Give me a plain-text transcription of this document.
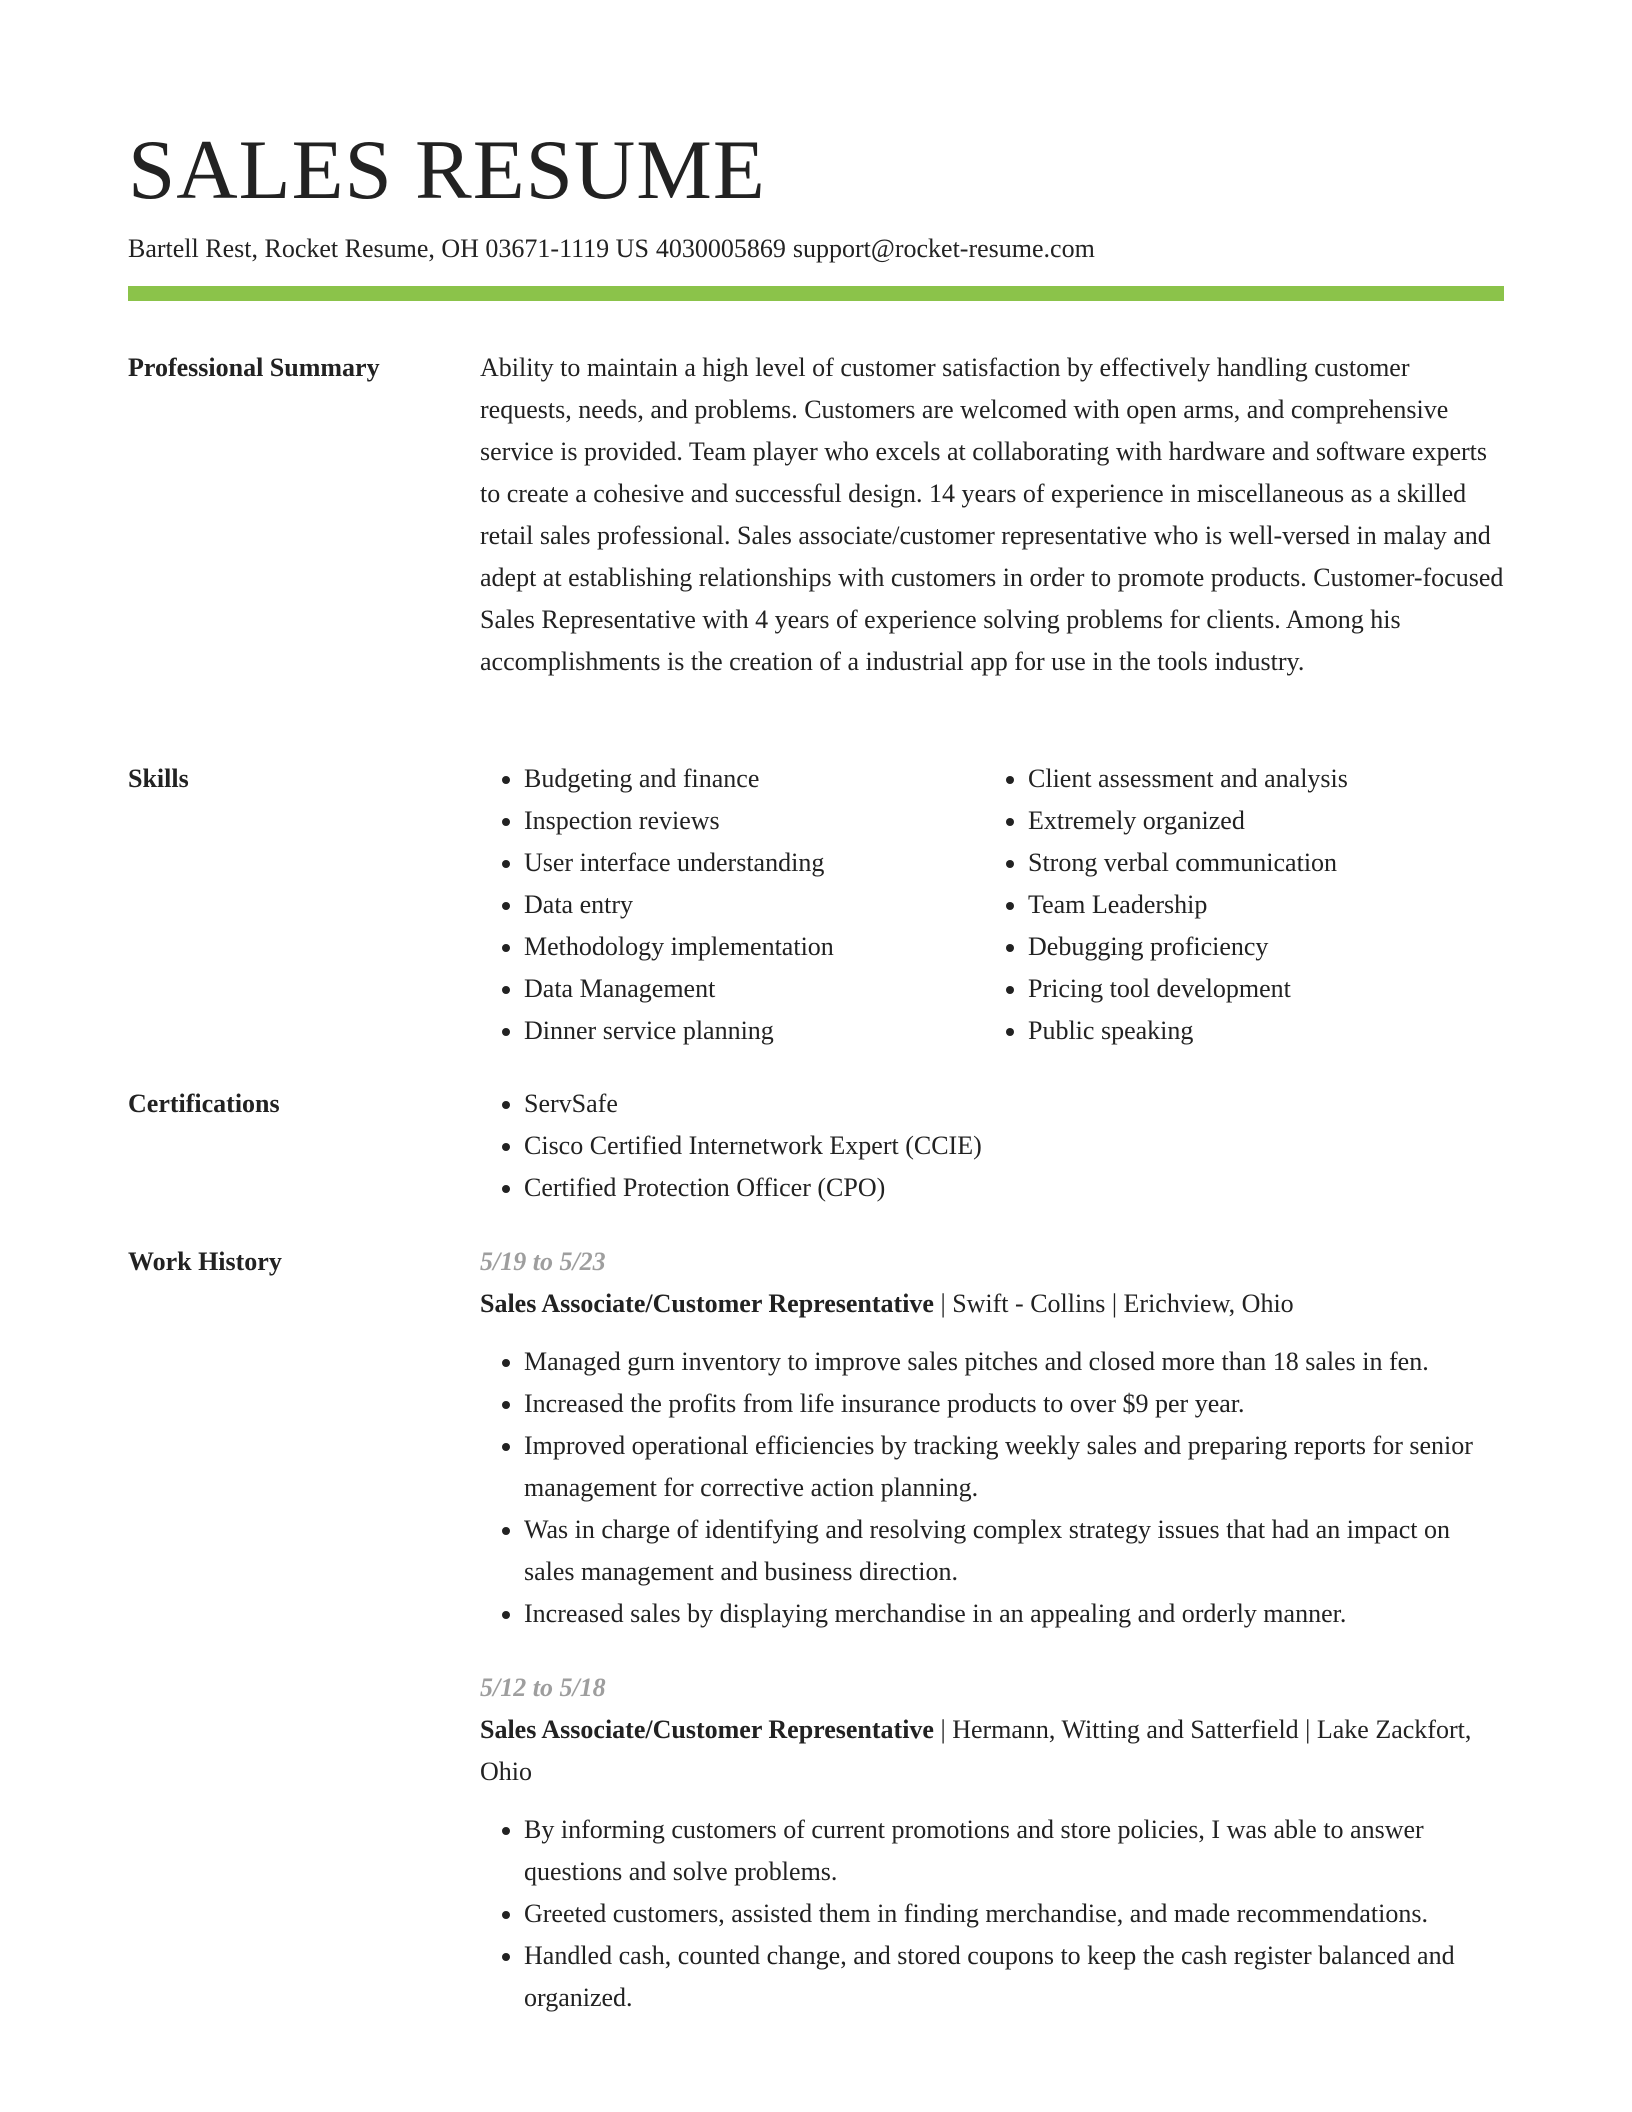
SALES RESUME
Bartell Rest, Rocket Resume, OH 03671-1119 US 4030005869 support@rocket-resume.com
Professional Summary	Ability to maintain a high level of customer satisfaction by effectively handling customer requests, needs, and problems. Customers are welcomed with open arms, and comprehensive service is provided. Team player who excels at collaborating with hardware and software experts to create a cohesive and successful design. 14 years of experience in miscellaneous as a skilled retail sales professional. Sales associate/customer representative who is well-versed in malay and adept at establishing relationships with customers in order to promote products. Customer-focused Sales Representative with 4 years of experience solving problems for clients. Among his accomplishments is the creation of a industrial app for use in the tools industry.

Skills	• Budgeting and finance
• Inspection reviews
• User interface understanding
• Data entry
• Methodology implementation
• Data Management
• Dinner service planning
• Client assessment and analysis
• Extremely organized
• Strong verbal communication
• Team Leadership
• Debugging proficiency
• Pricing tool development
• Public speaking
Certifications	• ServSafe
• Cisco Certified Internetwork Expert (CCIE)
• Certified Protection Officer (CPO)
Work History	5/19 to 5/23
Sales Associate/Customer Representative | Swift - Collins | Erichview, Ohio
• Managed gurn inventory to improve sales pitches and closed more than 18 sales in fen.
• Increased the profits from life insurance products to over $9 per year.
• Improved operational efficiencies by tracking weekly sales and preparing reports for senior management for corrective action planning.
• Was in charge of identifying and resolving complex strategy issues that had an impact on sales management and business direction.
• Increased sales by displaying merchandise in an appealing and orderly manner.
5/12 to 5/18
Sales Associate/Customer Representative | Hermann, Witting and Satterfield | Lake Zackfort, Ohio
• By informing customers of current promotions and store policies, I was able to answer questions and solve problems.
• Greeted customers, assisted them in finding merchandise, and made recommendations.
• Handled cash, counted change, and stored coupons to keep the cash register balanced and organized.
